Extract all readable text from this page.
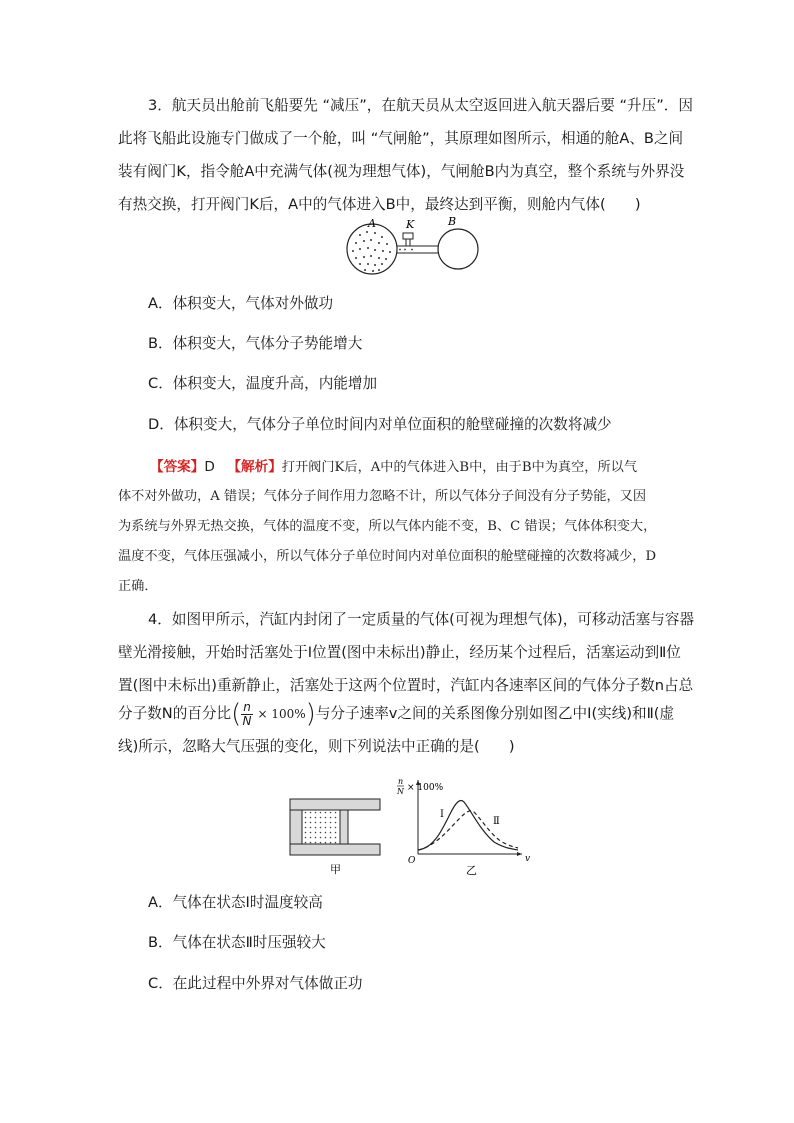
3．航天员出舱前飞船要先 “减压”，在航天员从太空返回进入航天器后要 “升压”．因
此将飞船此设施专门做成了一个舱，叫 “气闸舱”，其原理如图所示，相通的舱A、B之间
装有阀门K，指令舱A中充满气体(视为理想气体)，气闸舱B内为真空，整个系统与外界没
有热交换，打开阀门K后，A中的气体进入B中，最终达到平衡，则舱内气体(　　)
A	K	B
A．体积变大，气体对外做功
B．体积变大，气体分子势能增大
C．体积变大，温度升高，内能增加
D．体积变大，气体分子单位时间内对单位面积的舱壁碰撞的次数将减少
【答案】D 【解析】打开阀门K后，A中的气体进入B中，由于B中为真空，所以气
体不对外做功，A 错误；气体分子间作用力忽略不计，所以气体分子间没有分子势能，又因
为系统与外界无热交换，气体的温度不变，所以气体内能不变，B、C 错误；气体体积变大，
温度不变，气体压强减小，所以气体分子单位时间内对单位面积的舱壁碰撞的次数将减少，D
正确．
4．如图甲所示，汽缸内封闭了一定质量的气体(可视为理想气体)，可移动活塞与容器
壁光滑接触，开始时活塞处于Ⅰ位置(图中未标出)静止，经历某个过程后，活塞运动到Ⅱ位
置(图中未标出)重新静止，活塞处于这两个位置时，汽缸内各速率区间的气体分子数n占总
分子数N的百分比( $\frac{n}{N} \times 100\%$)与分子速率v之间的关系图像分别如图乙中Ⅰ(实线)和Ⅱ(虚
线)所示，忽略大气压强的变化，则下列说法中正确的是(　　)
甲
n
N × 100%
O	v
Ⅰ
Ⅱ
乙
A．气体在状态Ⅰ时温度较高
B．气体在状态Ⅱ时压强较大
C．在此过程中外界对气体做正功
